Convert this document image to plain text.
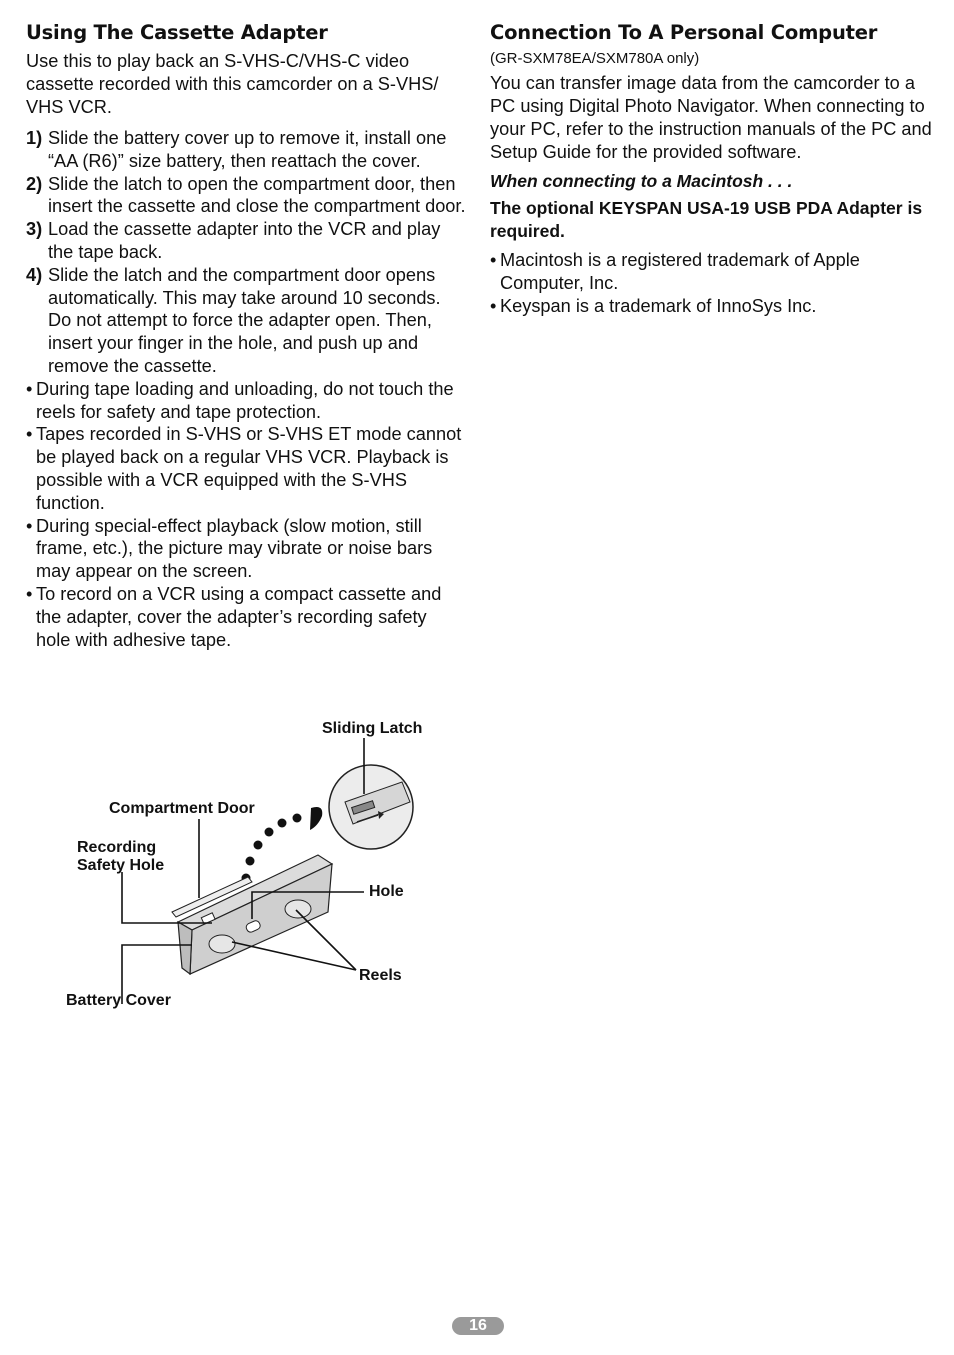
Using The Cassette Adapter

Use this to play back an S-VHS-C/VHS-C video cassette recorded with this camcorder on a S-VHS/ VHS VCR.

1) Slide the battery cover up to remove it, install one “AA (R6)” size battery, then reattach the cover.
2) Slide the latch to open the compartment door, then insert the cassette and close the compartment door.
3) Load the cassette adapter into the VCR and play the tape back.
4) Slide the latch and the compartment door opens automatically. This may take around 10 seconds. Do not attempt to force the adapter open. Then, insert your finger in the hole, and push up and remove the cassette.
• During tape loading and unloading, do not touch the reels for safety and tape protection.
• Tapes recorded in S-VHS or S-VHS ET mode cannot be played back on a regular VHS VCR. Playback is possible with a VCR equipped with the S-VHS function.
• During special-effect playback (slow motion, still frame, etc.), the picture may vibrate or noise bars may appear on the screen.
• To record on a VCR using a compact cassette and the adapter, cover the adapter’s recording safety hole with adhesive tape.
Connection To A Personal Computer

(GR-SXM78EA/SXM780A only)

You can transfer image data from the camcorder to a PC using Digital Photo Navigator. When connecting to your PC, refer to the instruction manuals of the PC and Setup Guide for the provided software.

When connecting to a Macintosh . . .

The optional KEYSPAN USA-19 USB PDA Adapter is required.

• Macintosh is a registered trademark of Apple Computer, Inc.
• Keyspan is a trademark of InnoSys Inc.
Sliding Latch
Compartment Door
Recording
Safety Hole
Hole
Reels
Battery Cover
16
